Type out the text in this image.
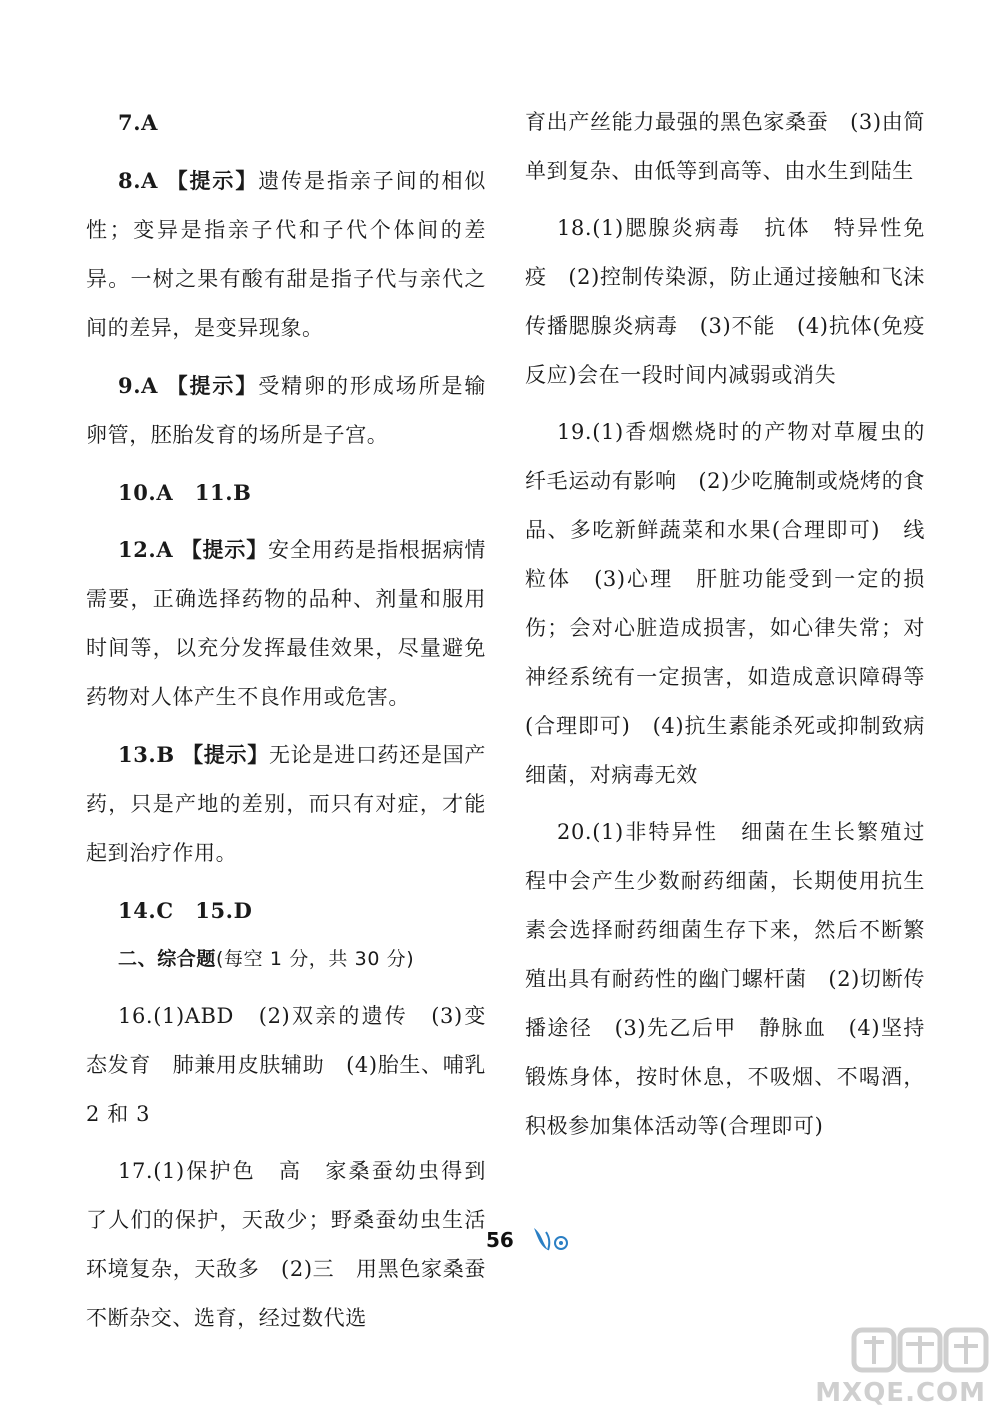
7.A

8.A 【提示】遗传是指亲子间的相似性；变异是指亲子代和子代个体间的差异。一树之果有酸有甜是指子代与亲代之间的差异，是变异现象。

9.A 【提示】受精卵的形成场所是输卵管，胚胎发育的场所是子宫。

10.A　11.B

12.A 【提示】安全用药是指根据病情需要，正确选择药物的品种、剂量和服用时间等，以充分发挥最佳效果，尽量避免药物对人体产生不良作用或危害。

13.B 【提示】无论是进口药还是国产药，只是产地的差别，而只有对症，才能起到治疗作用。

14.C　15.D

二、综合题(每空 1 分，共 30 分)

16.(1)ABD　(2)双亲的遗传　(3)变态发育　肺兼用皮肤辅助　(4)胎生、哺乳　2 和 3

17.(1)保护色　高　家桑蚕幼虫得到了人们的保护，天敌少；野桑蚕幼虫生活环境复杂，天敌多　(2)三　用黑色家桑蚕不断杂交、选育，经过数代选

育出产丝能力最强的黑色家桑蚕　(3)由简单到复杂、由低等到高等、由水生到陆生

18.(1)腮腺炎病毒　抗体　特异性免疫　(2)控制传染源，防止通过接触和飞沫传播腮腺炎病毒　(3)不能　(4)抗体(免疫反应)会在一段时间内减弱或消失

19.(1)香烟燃烧时的产物对草履虫的纤毛运动有影响　(2)少吃腌制或烧烤的食品、多吃新鲜蔬菜和水果(合理即可)　线粒体　(3)心理　肝脏功能受到一定的损伤；会对心脏造成损害，如心律失常；对神经系统有一定损害，如造成意识障碍等(合理即可)　(4)抗生素能杀死或抑制致病细菌，对病毒无效

20.(1)非特异性　细菌在生长繁殖过程中会产生少数耐药细菌，长期使用抗生素会选择耐药细菌生存下来，然后不断繁殖出具有耐药性的幽门螺杆菌　(2)切断传播途径　(3)先乙后甲　静脉血　(4)坚持锻炼身体，按时休息，不吸烟、不喝酒，积极参加集体活动等(合理即可)

56
MXQE.COM
